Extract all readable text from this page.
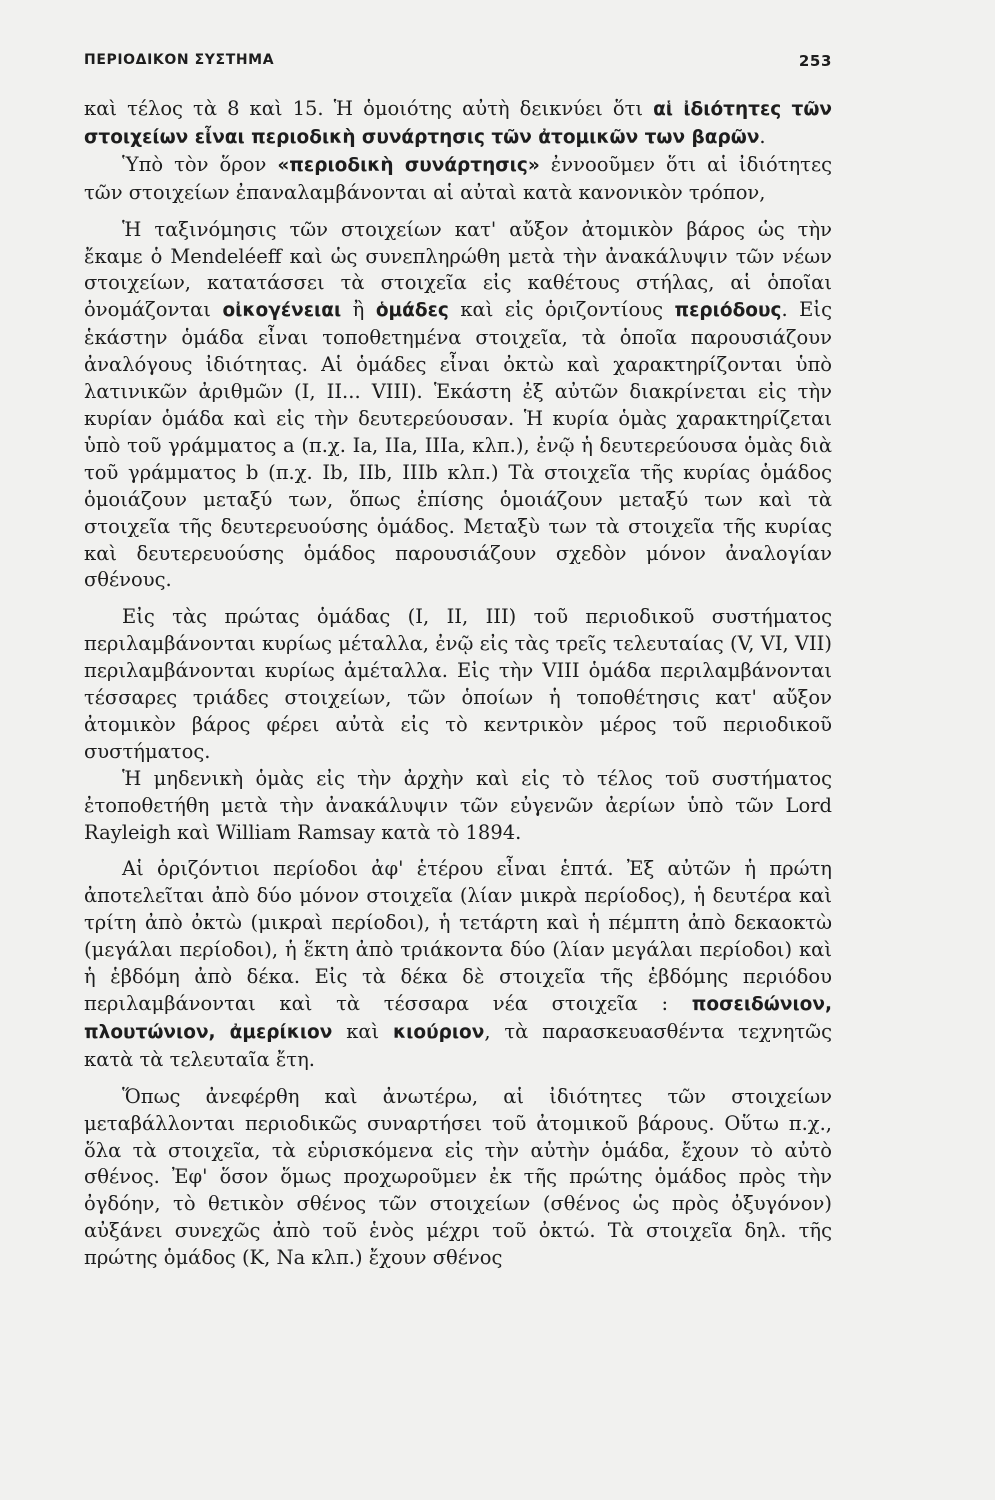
ΠΕΡΙΟΔΙΚΟΝ ΣΥΣΤΗΜΑ	253

καὶ τέλος τὰ 8 καὶ 15. Ἡ ὁμοιότης αὐτὴ δεικνύει ὅτι αἱ ἰδιότητες τῶν στοιχείων εἶναι περιοδικὴ συνάρτησις τῶν ἀτομικῶν των βαρῶν.

Ὑπὸ τὸν ὅρον «περιοδικὴ συνάρτησις» ἐννοοῦμεν ὅτι αἱ ἰδιότητες τῶν στοιχείων ἐπαναλαμβάνονται αἱ αὐταὶ κατὰ κανονικὸν τρόπον,

Ἡ ταξινόμησις τῶν στοιχείων κατ' αὔξον ἀτομικὸν βάρος ὡς τὴν ἔκαμε ὁ Mendeléeff καὶ ὡς συνεπληρώθη μετὰ τὴν ἀνακάλυψιν τῶν νέων στοιχείων, κατατάσσει τὰ στοιχεῖα εἰς καθέτους στήλας, αἱ ὁποῖαι ὀνομάζονται οἰκογένειαι ἢ ὁμάδες καὶ εἰς ὁριζοντίους περιόδους. Εἰς ἑκάστην ὁμάδα εἶναι τοποθετημένα στοιχεῖα, τὰ ὁποῖα παρουσιάζουν ἀναλόγους ἰδιότητας. Αἱ ὁμάδες εἶναι ὀκτὼ καὶ χαρακτηρίζονται ὑπὸ λατινικῶν ἀριθμῶν (I, II... VIII). Ἑκάστη ἐξ αὐτῶν διακρίνεται εἰς τὴν κυρίαν ὁμάδα καὶ εἰς τὴν δευτερεύουσαν. Ἡ κυρία ὁμὰς χαρακτηρίζεται ὑπὸ τοῦ γράμματος a (π.χ. Ia, IIa, IIIa, κλπ.), ἐνῷ ἡ δευτερεύουσα ὁμὰς διὰ τοῦ γράμματος b (π.χ. Ib, IIb, IIIb κλπ.) Τὰ στοιχεῖα τῆς κυρίας ὁμάδος ὁμοιάζουν μεταξύ των, ὅπως ἐπίσης ὁμοιάζουν μεταξύ των καὶ τὰ στοιχεῖα τῆς δευτερευούσης ὁμάδος. Μεταξὺ των τὰ στοιχεῖα τῆς κυρίας καὶ δευτερευούσης ὁμάδος παρουσιάζουν σχεδὸν μόνον ἀναλογίαν σθένους.

Εἰς τὰς πρώτας ὁμάδας (I, II, III) τοῦ περιοδικοῦ συστήματος περιλαμβάνονται κυρίως μέταλλα, ἐνῷ εἰς τὰς τρεῖς τελευταίας (V, VI, VII) περιλαμβάνονται κυρίως ἀμέταλλα. Εἰς τὴν VIII ὁμάδα περιλαμβάνονται τέσσαρες τριάδες στοιχείων, τῶν ὁποίων ἡ τοποθέτησις κατ' αὔξον ἀτομικὸν βάρος φέρει αὐτὰ εἰς τὸ κεντρικὸν μέρος τοῦ περιοδικοῦ συστήματος.

Ἡ μηδενικὴ ὁμὰς εἰς τὴν ἀρχὴν καὶ εἰς τὸ τέλος τοῦ συστήματος ἐτοποθετήθη μετὰ τὴν ἀνακάλυψιν τῶν εὐγενῶν ἀερίων ὑπὸ τῶν Lord Rayleigh καὶ William Ramsay κατὰ τὸ 1894.

Αἱ ὁριζόντιοι περίοδοι ἀφ' ἑτέρου εἶναι ἑπτά. Ἐξ αὐτῶν ἡ πρώτη ἀποτελεῖται ἀπὸ δύο μόνον στοιχεῖα (λίαν μικρὰ περίοδος), ἡ δευτέρα καὶ τρίτη ἀπὸ ὀκτὼ (μικραὶ περίοδοι), ἡ τετάρτη καὶ ἡ πέμπτη ἀπὸ δεκαοκτὼ (μεγάλαι περίοδοι), ἡ ἕκτη ἀπὸ τριάκοντα δύο (λίαν μεγάλαι περίοδοι) καὶ ἡ ἑβδόμη ἀπὸ δέκα. Εἰς τὰ δέκα δὲ στοιχεῖα τῆς ἑβδόμης περιόδου περιλαμβάνονται καὶ τὰ τέσσαρα νέα στοιχεῖα : ποσειδώνιον, πλουτώνιον, ἀμερίκιον καὶ κιούριον, τὰ παρασκευασθέντα τεχνητῶς κατὰ τὰ τελευταῖα ἔτη.

Ὅπως ἀνεφέρθη καὶ ἀνωτέρω, αἱ ἰδιότητες τῶν στοιχείων μεταβάλλονται περιοδικῶς συναρτήσει τοῦ ἀτομικοῦ βάρους. Οὕτω π.χ., ὅλα τὰ στοιχεῖα, τὰ εὑρισκόμενα εἰς τὴν αὐτὴν ὁμάδα, ἔχουν τὸ αὐτὸ σθένος. Ἐφ' ὅσον ὅμως προχωροῦμεν ἐκ τῆς πρώτης ὁμάδος πρὸς τὴν ὀγδόην, τὸ θετικὸν σθένος τῶν στοιχείων (σθένος ὡς πρὸς ὀξυγόνον) αὐξάνει συνεχῶς ἀπὸ τοῦ ἑνὸς μέχρι τοῦ ὀκτώ. Τὰ στοιχεῖα δηλ. τῆς πρώτης ὁμάδος (K, Na κλπ.) ἔχουν σθένος
